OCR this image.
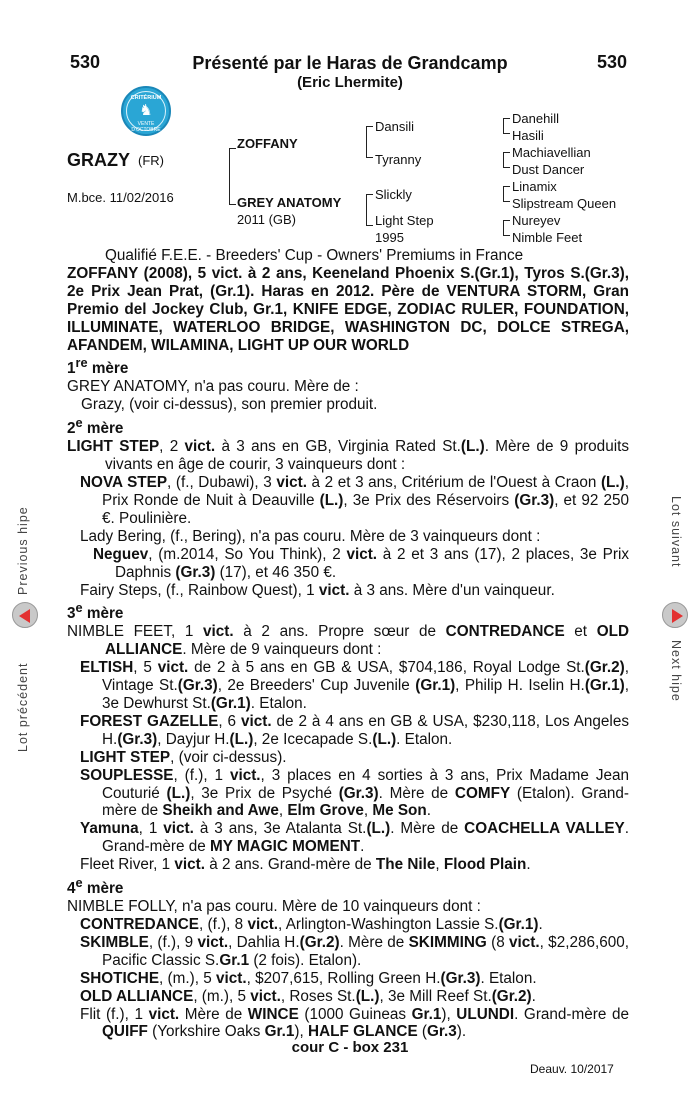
530	Présenté par le Haras de Grandcamp
(Eric Lhermite)
530
CRITÉRIUM
♞
VENTE D'OCTOBRE
GRAZY (FR)
M.bce. 11/02/2016
ZOFFANY
GREY ANATOMY
2011 (GB)
Dansili
Tyranny
Slickly
Light Step
1995
Danehill
Hasili
Machiavellian
Dust Dancer
Linamix
Slipstream Queen
Nureyev
Nimble Feet

Qualifié F.E.E. - Breeders' Cup - Owners' Premiums in France

ZOFFANY (2008), 5 vict. à 2 ans, Keeneland Phoenix S.(Gr.1), Tyros S.(Gr.3), 2e Prix Jean Prat, (Gr.1). Haras en 2012. Père de VENTURA STORM, Gran Premio del Jockey Club, Gr.1, KNIFE EDGE, ZODIAC RULER, FOUNDATION, ILLUMINATE, WATERLOO BRIDGE, WASHINGTON DC, DOLCE STREGA, AFANDEM, WILAMINA, LIGHT UP OUR WORLD

1re mère

GREY ANATOMY, n'a pas couru. Mère de :

Grazy, (voir ci-dessus), son premier produit.

2e mère

LIGHT STEP, 2 vict. à 3 ans en GB, Virginia Rated St.(L.). Mère de 9 produits vivants en âge de courir, 3 vainqueurs dont :

NOVA STEP, (f., Dubawi), 3 vict. à 2 et 3 ans, Critérium de l'Ouest à Craon (L.), Prix Ronde de Nuit à Deauville (L.), 3e Prix des Réservoirs (Gr.3), et 92 250 €. Poulinière.

Lady Bering, (f., Bering), n'a pas couru. Mère de 3 vainqueurs dont :

Neguev, (m.2014, So You Think), 2 vict. à 2 et 3 ans (17), 2 places, 3e Prix Daphnis (Gr.3) (17), et 46 350 €.

Fairy Steps, (f., Rainbow Quest), 1 vict. à 3 ans. Mère d'un vainqueur.

3e mère

NIMBLE FEET, 1 vict. à 2 ans. Propre sœur de CONTREDANCE et OLD ALLIANCE. Mère de 9 vainqueurs dont :

ELTISH, 5 vict. de 2 à 5 ans en GB & USA, $704,186, Royal Lodge St.(Gr.2), Vintage St.(Gr.3), 2e Breeders' Cup Juvenile (Gr.1), Philip H. Iselin H.(Gr.1), 3e Dewhurst St.(Gr.1). Etalon.

FOREST GAZELLE, 6 vict. de 2 à 4 ans en GB & USA, $230,118, Los Angeles H.(Gr.3), Dayjur H.(L.), 2e Icecapade S.(L.). Etalon.

LIGHT STEP, (voir ci-dessus).

SOUPLESSE, (f.), 1 vict., 3 places en 4 sorties à 3 ans, Prix Madame Jean Couturié (L.), 3e Prix de Psyché (Gr.3). Mère de COMFY (Etalon). Grand-mère de Sheikh and Awe, Elm Grove, Me Son.

Yamuna, 1 vict. à 3 ans, 3e Atalanta St.(L.). Mère de COACHELLA VALLEY. Grand-mère de MY MAGIC MOMENT.

Fleet River, 1 vict. à 2 ans. Grand-mère de The Nile, Flood Plain.

4e mère

NIMBLE FOLLY, n'a pas couru. Mère de 10 vainqueurs dont :

CONTREDANCE, (f.), 8 vict., Arlington-Washington Lassie S.(Gr.1).

SKIMBLE, (f.), 9 vict., Dahlia H.(Gr.2). Mère de SKIMMING (8 vict., $2,286,600, Pacific Classic S.Gr.1 (2 fois). Etalon).

SHOTICHE, (m.), 5 vict., $207,615, Rolling Green H.(Gr.3). Etalon.

OLD ALLIANCE, (m.), 5 vict., Roses St.(L.), 3e Mill Reef St.(Gr.2).

Flit (f.), 1 vict. Mère de WINCE (1000 Guineas Gr.1), ULUNDI. Grand-mère de QUIFF (Yorkshire Oaks Gr.1), HALF GLANCE (Gr.3).

cour C - box 231
Deauv. 10/2017
Previous hipe
Lot précédent
Lot suivant
Next hipe
